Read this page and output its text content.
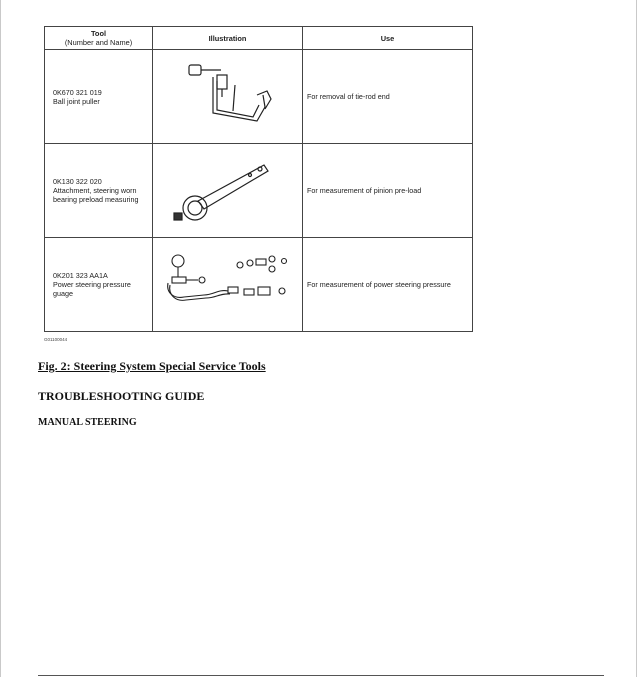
Tool
(Number and Name)	Illustration	Use

0K670 321 019
Ball joint puller		For removal of tie-rod end

0K130 322 020
Attachment, steering worn
bearing preload measuring		For measurement of pinion pre-load

0K201 323 AA1A
Power steering pressure
guage		For measurement of power steering pressure
G01100044
Fig. 2: Steering System Special Service Tools
TROUBLESHOOTING GUIDE
MANUAL STEERING
